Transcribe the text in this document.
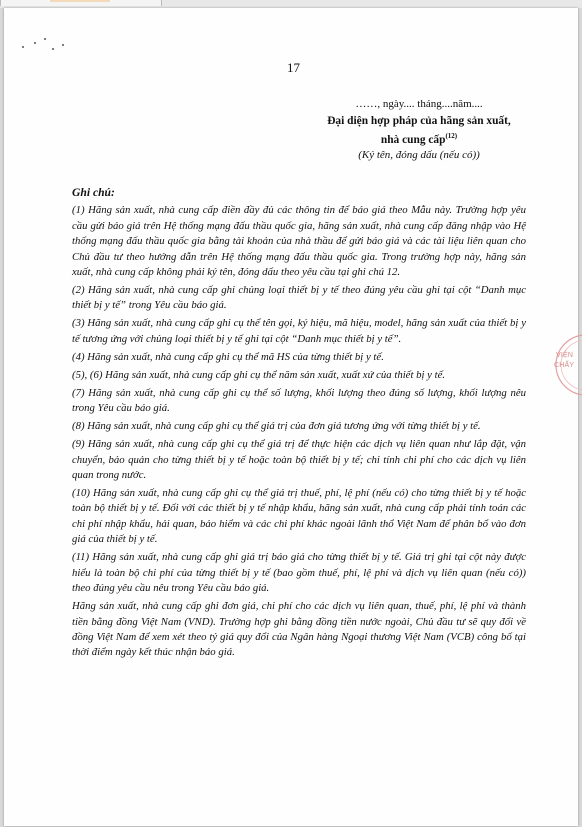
17
……, ngày.... tháng....năm....
Đại diện hợp pháp của hãng sản xuất,
nhà cung cấp$^{(12)}$
(Ký tên, đóng dấu (nếu có))
Ghi chú:

(1) Hãng sản xuất, nhà cung cấp điền đầy đủ các thông tin để báo giá theo Mẫu này. Trường hợp yêu cầu gửi báo giá trên Hệ thống mạng đấu thầu quốc gia, hãng sản xuất, nhà cung cấp đăng nhập vào Hệ thống mạng đấu thầu quốc gia bằng tài khoản của nhà thầu để gửi báo giá và các tài liệu liên quan cho Chủ đầu tư theo hướng dẫn trên Hệ thống mạng đấu thầu quốc gia. Trong trường hợp này, hãng sản xuất, nhà cung cấp không phải ký tên, đóng dấu theo yêu cầu tại ghi chú 12.

(2) Hãng sản xuất, nhà cung cấp ghi chủng loại thiết bị y tế theo đúng yêu cầu ghi tại cột “Danh mục thiết bị y tế” trong Yêu cầu báo giá.

(3) Hãng sản xuất, nhà cung cấp ghi cụ thể tên gọi, ký hiệu, mã hiệu, model, hãng sản xuất của thiết bị y tế tương ứng với chủng loại thiết bị y tế ghi tại cột “Danh mục thiết bị y tế”.

(4) Hãng sản xuất, nhà cung cấp ghi cụ thể mã HS của từng thiết bị y tế.

(5), (6) Hãng sản xuất, nhà cung cấp ghi cụ thể năm sản xuất, xuất xứ của thiết bị y tế.

(7) Hãng sản xuất, nhà cung cấp ghi cụ thể số lượng, khối lượng theo đúng số lượng, khối lượng nêu trong Yêu cầu báo giá.

(8) Hãng sản xuất, nhà cung cấp ghi cụ thể giá trị của đơn giá tương ứng với từng thiết bị y tế.

(9) Hãng sản xuất, nhà cung cấp ghi cụ thể giá trị để thực hiện các dịch vụ liên quan như lắp đặt, vận chuyển, bảo quản cho từng thiết bị y tế hoặc toàn bộ thiết bị y tế; chi tính chi phí cho các dịch vụ liên quan trong nước.

(10) Hãng sản xuất, nhà cung cấp ghi cụ thể giá trị thuế, phí, lệ phí (nếu có) cho từng thiết bị y tế hoặc toàn bộ thiết bị y tế. Đối với các thiết bị y tế nhập khẩu, hãng sản xuất, nhà cung cấp phải tính toán các chi phí nhập khẩu, hải quan, bảo hiểm và các chi phí khác ngoài lãnh thổ Việt Nam để phân bổ vào đơn giá của thiết bị y tế.

(11) Hãng sản xuất, nhà cung cấp ghi giá trị báo giá cho từng thiết bị y tế. Giá trị ghi tại cột này được hiểu là toàn bộ chi phí của từng thiết bị y tế (bao gồm thuế, phí, lệ phí và dịch vụ liên quan (nếu có)) theo đúng yêu cầu nêu trong Yêu cầu báo giá.

Hãng sản xuất, nhà cung cấp ghi đơn giá, chi phí cho các dịch vụ liên quan, thuế, phí, lệ phí và thành tiền bằng đồng Việt Nam (VND). Trường hợp ghi bằng đồng tiền nước ngoài, Chủ đầu tư sẽ quy đổi về đồng Việt Nam để xem xét theo tỷ giá quy đổi của Ngân hàng Ngoại thương Việt Nam (VCB) công bố tại thời điểm ngày kết thúc nhận báo giá.

VIỆN
CHẤY
